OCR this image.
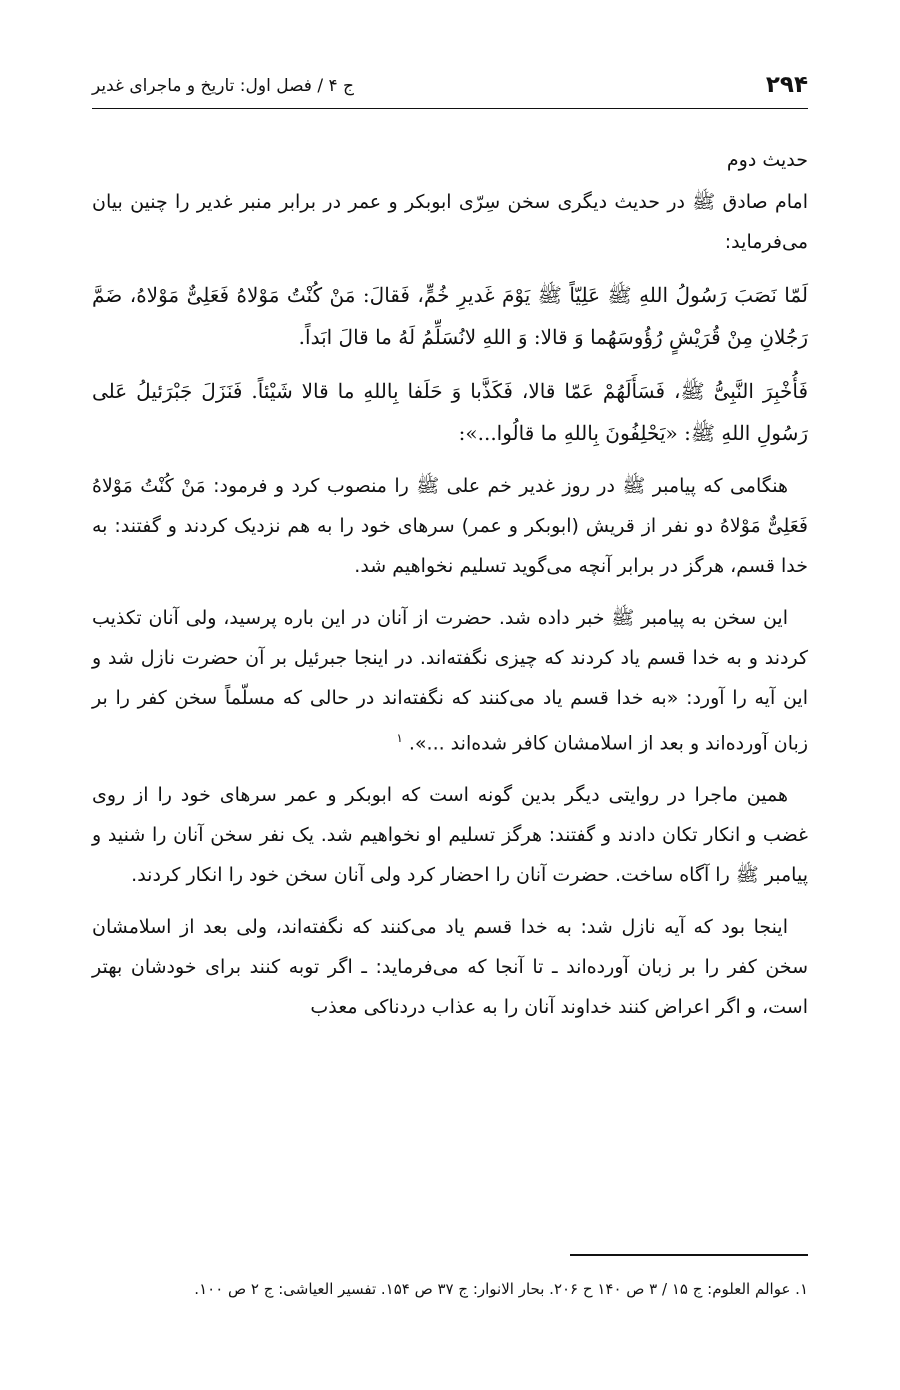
۲۹۴
ج ۴ / فصل اول: تاریخ و ماجرای غدیر
حدیث دوم

امام صادق ﷺ در حدیث دیگری سخن سِرّی ابوبکر و عمر در برابر منبر غدیر را چنین بیان می‌فرماید:

لَمّا نَصَبَ رَسُولُ اللهِ ﷺ عَلِیّاً ﷺ یَوْمَ غَدیرِ خُمٍّ، فَقالَ: مَنْ کُنْتُ مَوْلاهُ فَعَلِیٌّ مَوْلاهُ، ضَمَّ رَجُلانِ مِنْ قُرَیْشٍ رُؤُوسَهُما وَ قالا: وَ اللهِ لانُسَلِّمُ لَهُ ما قالَ ابَداً.

فَأُخْبِرَ النَّبِیُّ ﷺ، فَسَأَلَهُمْ عَمّا قالا، فَکَذَّبا وَ حَلَفا بِاللهِ ما قالا شَیْئاً. فَنَزَلَ جَبْرَئیلُ عَلی رَسُولِ اللهِ ﷺ: «یَحْلِفُونَ بِاللهِ ما قالُوا...»:

هنگامی که پیامبر ﷺ در روز غدیر خم علی ﷺ را منصوب کرد و فرمود: مَنْ کُنْتُ مَوْلاهُ فَعَلِیٌّ مَوْلاهُ دو نفر از قریش (ابوبکر و عمر) سرهای خود را به هم نزدیک کردند و گفتند: به خدا قسم، هرگز در برابر آنچه می‌گوید تسلیم نخواهیم شد.

این سخن به پیامبر ﷺ خبر داده شد. حضرت از آنان در این باره پرسید، ولی آنان تکذیب کردند و به خدا قسم یاد کردند که چیزی نگفته‌اند. در اینجا جبرئیل بر آن حضرت نازل شد و این آیه را آورد: «به خدا قسم یاد می‌کنند که نگفته‌اند در حالی که مسلّماً سخن کفر را بر زبان آورده‌اند و بعد از اسلامشان کافر شده‌اند ...». $^۱$

همین ماجرا در روایتی دیگر بدین گونه است که ابوبکر و عمر سرهای خود را از روی غضب و انکار تکان دادند و گفتند: هرگز تسلیم او نخواهیم شد. یک نفر سخن آنان را شنید و پیامبر ﷺ را آگاه ساخت. حضرت آنان را احضار کرد ولی آنان سخن خود را انکار کردند.

اینجا بود که آیه نازل شد: به خدا قسم یاد می‌کنند که نگفته‌اند، ولی بعد از اسلامشان سخن کفر را بر زبان آورده‌اند ـ تا آنجا که می‌فرماید: ـ اگر توبه کنند برای خودشان بهتر است، و اگر اعراض کنند خداوند آنان را به عذاب دردناکی معذب

۱. عوالم العلوم: ج ۱۵ / ۳ ص ۱۴۰ ح ۲۰۶. بحار الانوار: ج ۳۷ ص ۱۵۴. تفسیر العیاشی: ج ۲ ص ۱۰۰.
